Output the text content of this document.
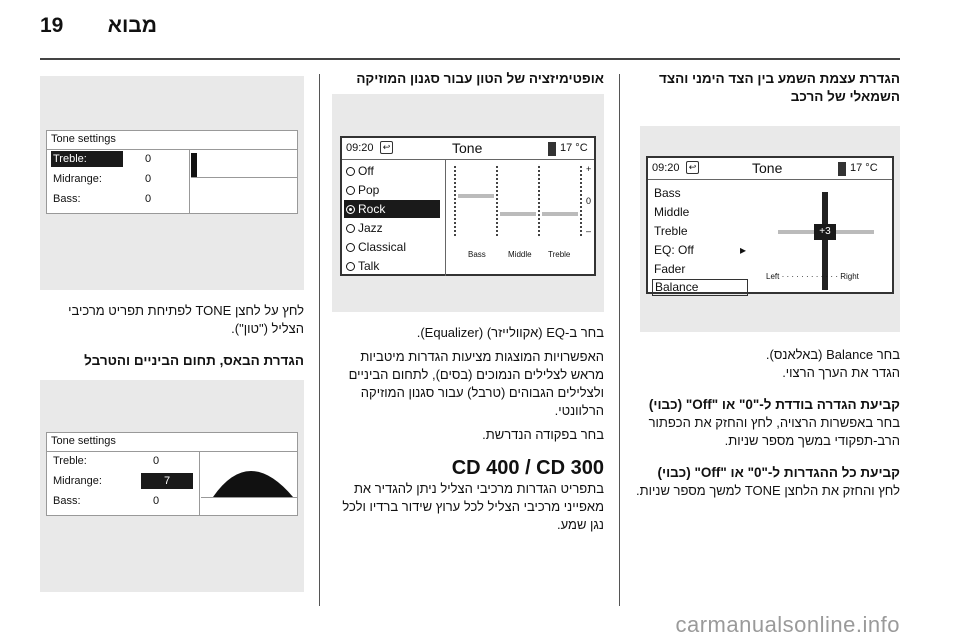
19 מבוא
הגדרת עצמת השמע בין הצד הימני והצד השמאלי של הרכב
09:20	↩	Tone	17 °C
Bass
Middle
Treble
EQ: Off	▸
Fader
Balance
+3
Left · · · · · · · · · · · · Right

בחר Balance (באלאנס).

הגדר את הערך הרצוי.

קביעת הגדרה בודדת ל-"0" או "Off" (כבוי)

בחר באפשרות הרצויה, לחץ והחזק את הכפתור הרב-תפקודי במשך מספר שניות.

קביעת כל ההגדרות ל-"0" או "Off" (כבוי)

לחץ והחזק את הלחצן TONE למשך מספר שניות.

אופטימיזציה של הטון עבור סגנון המוזיקה
09:20	↩	Tone	17 °C
Off
Pop
Rock
Jazz
Classical
Talk
+
0
–
Bass	Middle Treble

בחר ב-EQ (אקוולייזר) (Equalizer).

האפשרויות המוצגות מציעות הגדרות מיטביות מראש לצלילים הנמוכים (בסים), לתחום הביניים ולצלילים הגבוהים (טרבל) עבור סגנון המוזיקה הרלוונטי.

בחר בפקודה הנדרשת.

CD 400 / CD 300

בתפריט הגדרות מרכיבי הצליל ניתן להגדיר את מאפייני מרכיבי הצליל לכל ערוץ שידור ברדיו ולכל נגן שמע.

Tone settings
Treble:	0
Midrange:	0
Bass:	0

לחץ על לחצן TONE לפתיחת תפריט מרכיבי הצליל ("טון").

הגדרת הבאס, תחום הביניים והטרבל
Tone settings
Treble:	0
Midrange:	7
Bass:	0
carmanualsonline.info
